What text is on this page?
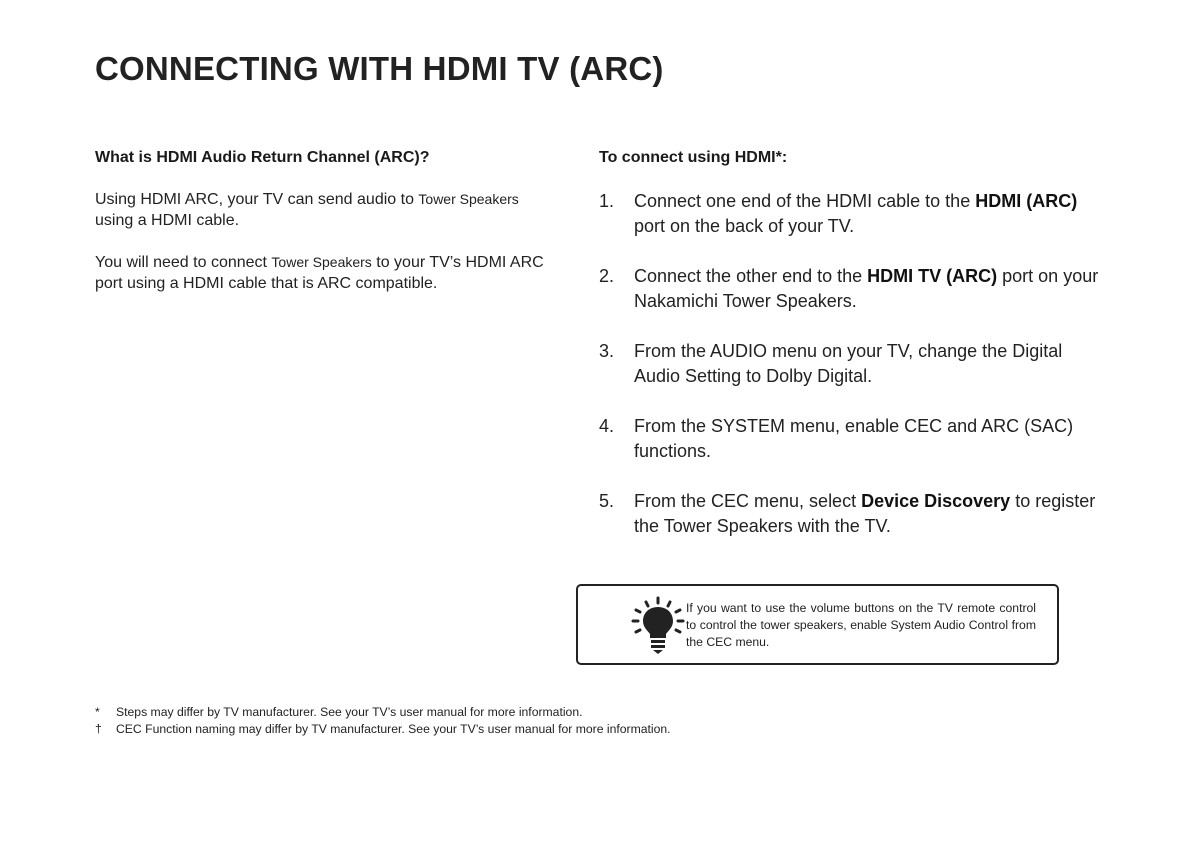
CONNECTING WITH HDMI TV (ARC)
What is HDMI Audio Return Channel (ARC)?

Using HDMI ARC, your TV can send audio to Tower Speakers
using a HDMI cable.

You will need to connect Tower Speakers to your TV’s HDMI ARC port using a HDMI cable that is ARC compatible.

To connect using HDMI*:
1. Connect one end of the HDMI cable to the HDMI (ARC) port on the back of your TV.
2. Connect the other end to the HDMI TV (ARC) port on your Nakamichi Tower Speakers.
3. From the AUDIO menu on your TV, change the Digital Audio Setting to Dolby Digital.
4. From the SYSTEM menu, enable CEC and ARC (SAC) functions.
5. From the CEC menu, select Device Discovery to register the Tower Speakers with the TV.

If you want to use the volume buttons on the TV remote control to control the tower speakers, enable System Audio Control from the CEC menu.

* Steps may differ by TV manufacturer. See your TV’s user manual for more information.

† CEC Function naming may differ by TV manufacturer. See your TV’s user manual for more information.
